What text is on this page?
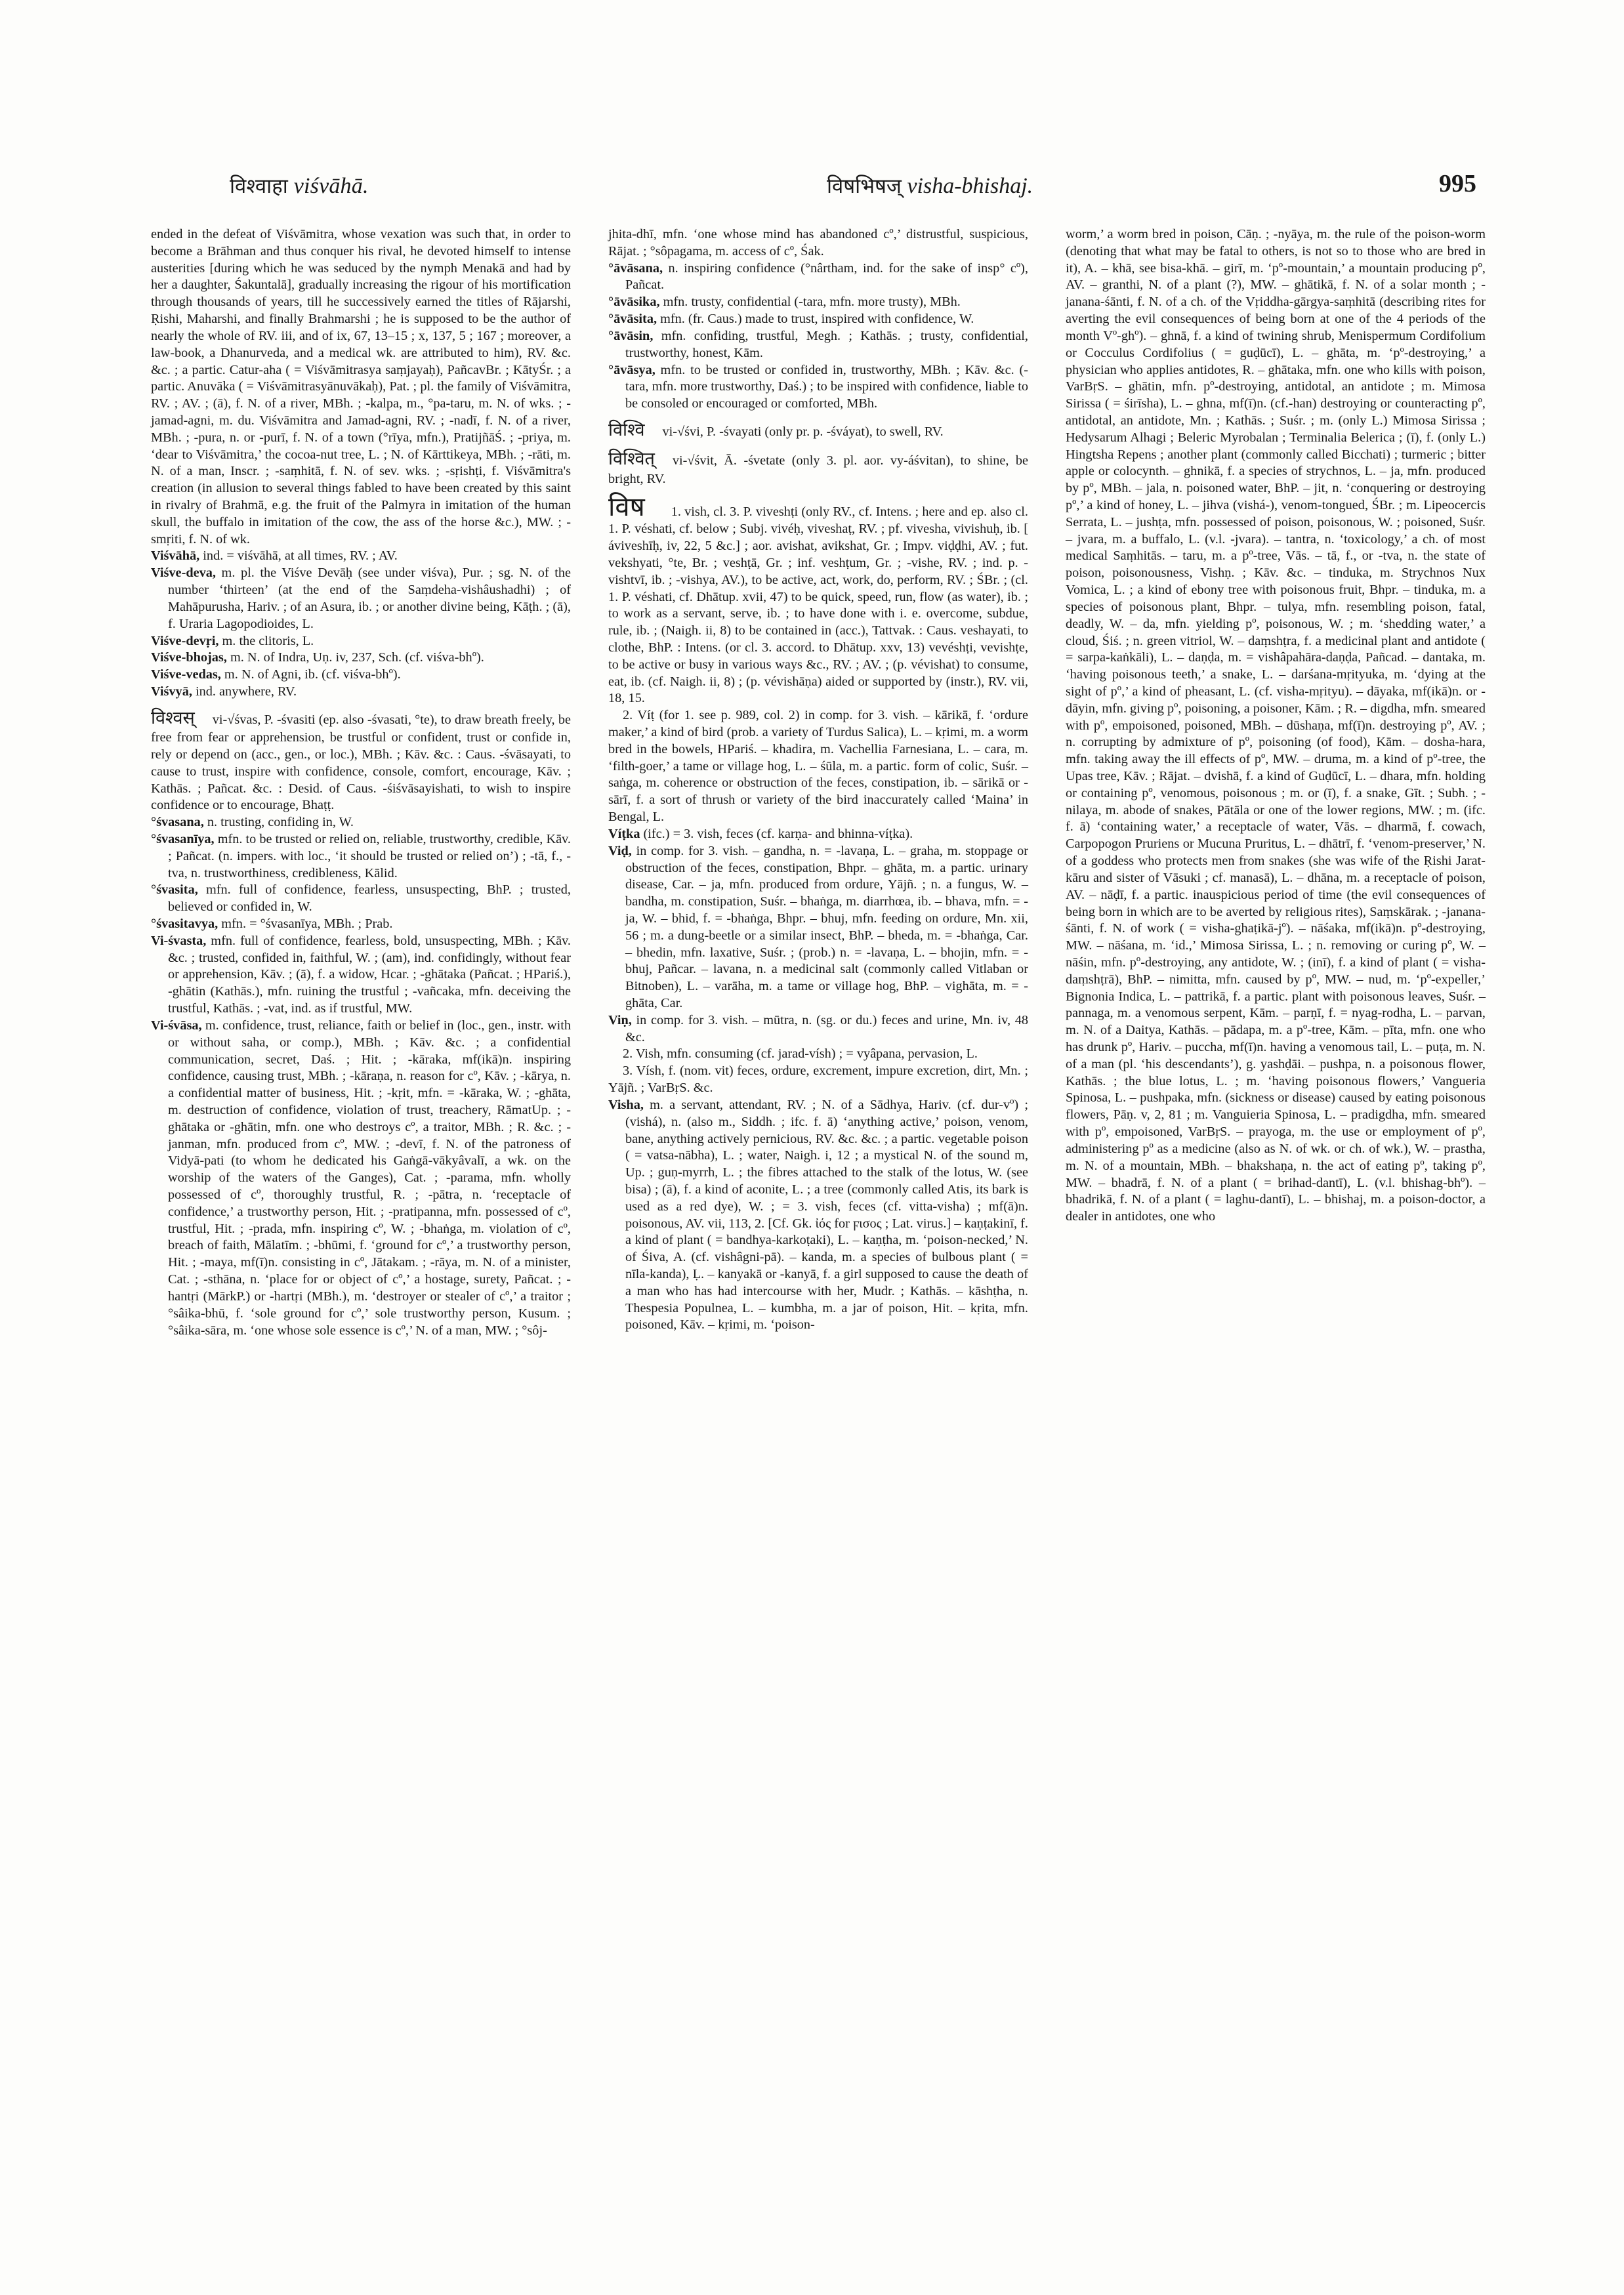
विश्वाहा viśvāhā.	विषभिषज् visha-bhishaj.	995

ended in the defeat of Viśvāmitra, whose vexation was such that, in order to become a Brāhman and thus conquer his rival, he devoted himself to intense austerities [during which he was seduced by the nymph Menakā and had by her a daughter, Śakuntalā], gradually increasing the rigour of his mortification through thousands of years, till he successively earned the titles of Rājarshi, Ṛishi, Maharshi, and finally Brahmarshi ; he is supposed to be the author of nearly the whole of RV. iii, and of ix, 67, 13–15 ; x, 137, 5 ; 167 ; moreover, a law-book, a Dhanurveda, and a medical wk. are attributed to him), RV. &c. &c. ; a partic. Catur-aha ( = Viśvāmitrasya saṃjayaḥ), PañcavBr. ; KātyŚr. ; a partic. Anuvāka ( = Viśvāmitrasyānuvākaḥ), Pat. ; pl. the family of Viśvāmitra, RV. ; AV. ; (ā), f. N. of a river, MBh. ; -kalpa, m., °pa-taru, m. N. of wks. ; -jamad-agni, m. du. Viśvāmitra and Jamad-agni, RV. ; -nadī, f. N. of a river, MBh. ; -pura, n. or -purī, f. N. of a town (°rīya, mfn.), PratijñāŚ. ; -priya, m. ‘dear to Viśvāmitra,’ the cocoa-nut tree, L. ; N. of Kārttikeya, MBh. ; -rāti, m. N. of a man, Inscr. ; -saṃhitā, f. N. of sev. wks. ; -sṛishṭi, f. Viśvāmitra's creation (in allusion to several things fabled to have been created by this saint in rivalry of Brahmā, e.g. the fruit of the Palmyra in imitation of the human skull, the buffalo in imitation of the cow, the ass of the horse &c.), MW. ; -smṛiti, f. N. of wk.

Viśvāhā, ind. = viśvāhā, at all times, RV. ; AV.

Viśve-deva, m. pl. the Viśve Devāḥ (see under viśva), Pur. ; sg. N. of the number ‘thirteen’ (at the end of the Saṃdeha-vishâushadhi) ; of Mahāpurusha, Hariv. ; of an Asura, ib. ; or another divine being, Kāṭh. ; (ā), f. Uraria Lagopodioides, L.

Viśve-devṛi, m. the clitoris, L.

Viśve-bhojas, m. N. of Indra, Uṇ. iv, 237, Sch. (cf. viśva-bhº).

Viśve-vedas, m. N. of Agni, ib. (cf. viśva-bhº).

Viśvyā, ind. anywhere, RV.

विश्वस् vi-√śvas, P. -śvasiti (ep. also -śvasati, °te), to draw breath freely, be free from fear or apprehension, be trustful or confident, trust or confide in, rely or depend on (acc., gen., or loc.), MBh. ; Kāv. &c. : Caus. -śvāsayati, to cause to trust, inspire with confidence, console, comfort, encourage, Kāv. ; Kathās. ; Pañcat. &c. : Desid. of Caus. -śiśvāsayishati, to wish to inspire confidence or to encourage, Bhaṭṭ.

°śvasana, n. trusting, confiding in, W.

°śvasanīya, mfn. to be trusted or relied on, reliable, trustworthy, credible, Kāv. ; Pañcat. (n. impers. with loc., ‘it should be trusted or relied on’) ; -tā, f., -tva, n. trustworthiness, credibleness, Kālid.

°śvasita, mfn. full of confidence, fearless, unsuspecting, BhP. ; trusted, believed or confided in, W.

°śvasitavya, mfn. = °śvasanīya, MBh. ; Prab.

Vi-śvasta, mfn. full of confidence, fearless, bold, unsuspecting, MBh. ; Kāv. &c. ; trusted, confided in, faithful, W. ; (am), ind. confidingly, without fear or apprehension, Kāv. ; (ā), f. a widow, Hcar. ; -ghātaka (Pañcat. ; HPariś.), -ghātin (Kathās.), mfn. ruining the trustful ; -vañcaka, mfn. deceiving the trustful, Kathās. ; -vat, ind. as if trustful, MW.

Vi-śvāsa, m. confidence, trust, reliance, faith or belief in (loc., gen., instr. with or without saha, or comp.), MBh. ; Kāv. &c. ; a confidential communication, secret, Daś. ; Hit. ; -kāraka, mf(ikā)n. inspiring confidence, causing trust, MBh. ; -kāraṇa, n. reason for cº, Kāv. ; -kārya, n. a confidential matter of business, Hit. ; -kṛit, mfn. = -kāraka, W. ; -ghāta, m. destruction of confidence, violation of trust, treachery, RāmatUp. ; -ghātaka or -ghātin, mfn. one who destroys cº, a traitor, MBh. ; R. &c. ; -janman, mfn. produced from cº, MW. ; -devī, f. N. of the patroness of Vidyā-pati (to whom he dedicated his Gaṅgā-vākyâvalī, a wk. on the worship of the waters of the Ganges), Cat. ; -parama, mfn. wholly possessed of cº, thoroughly trustful, R. ; -pātra, n. ‘receptacle of confidence,’ a trustworthy person, Hit. ; -pratipanna, mfn. possessed of cº, trustful, Hit. ; -prada, mfn. inspiring cº, W. ; -bhaṅga, m. violation of cº, breach of faith, Mālatīm. ; -bhūmi, f. ‘ground for cº,’ a trustworthy person, Hit. ; -maya, mf(ī)n. consisting in cº, Jātakam. ; -rāya, m. N. of a minister, Cat. ; -sthāna, n. ‘place for or object of cº,’ a hostage, surety, Pañcat. ; -hantṛi (MārkP.) or -hartṛi (MBh.), m. ‘destroyer or stealer of cº,’ a traitor ; °sâika-bhū, f. ‘sole ground for cº,’ sole trustworthy person, Kusum. ; °sâika-sāra, m. ‘one whose sole essence is cº,’ N. of a man, MW. ; °sôj-

jhita-dhī, mfn. ‘one whose mind has abandoned cº,’ distrustful, suspicious, Rājat. ; °sôpagama, m. access of cº, Śak.

°āvāsana, n. inspiring confidence (°nârtham, ind. for the sake of insp° cº), Pañcat.

°āvāsika, mfn. trusty, confidential (-tara, mfn. more trusty), MBh.

°āvāsita, mfn. (fr. Caus.) made to trust, inspired with confidence, W.

°āvāsin, mfn. confiding, trustful, Megh. ; Kathās. ; trusty, confidential, trustworthy, honest, Kām.

°āvāsya, mfn. to be trusted or confided in, trustworthy, MBh. ; Kāv. &c. (-tara, mfn. more trustworthy, Daś.) ; to be inspired with confidence, liable to be consoled or encouraged or comforted, MBh.

विश्वि vi-√śvi, P. -śvayati (only pr. p. -śváyat), to swell, RV.

विश्वित् vi-√śvit, Ā. -śvetate (only 3. pl. aor. vy-áśvitan), to shine, be bright, RV.

विष 1. vish, cl. 3. P. viveshṭi (only RV., cf. Intens. ; here and ep. also cl. 1. P. véshati, cf. below ; Subj. vivéḥ, viveshaṭ, RV. ; pf. vivesha, vivishuḥ, ib. [ áviveshīḥ, iv, 22, 5 &c.] ; aor. avishat, avikshat, Gr. ; Impv. viḍḍhi, AV. ; fut. vekshyati, °te, Br. ; veshṭā, Gr. ; inf. veshṭum, Gr. ; -vishe, RV. ; ind. p. -vishtvī, ib. ; -vishya, AV.), to be active, act, work, do, perform, RV. ; ŚBr. ; (cl. 1. P. véshati, cf. Dhātup. xvii, 47) to be quick, speed, run, flow (as water), ib. ; to work as a servant, serve, ib. ; to have done with i. e. overcome, subdue, rule, ib. ; (Naigh. ii, 8) to be contained in (acc.), Tattvak. : Caus. veshayati, to clothe, BhP. : Intens. (or cl. 3. accord. to Dhātup. xxv, 13) vevéshṭi, vevishṭe, to be active or busy in various ways &c., RV. ; AV. ; (p. vévishat) to consume, eat, ib. (cf. Naigh. ii, 8) ; (p. vévishāṇa) aided or supported by (instr.), RV. vii, 18, 15.

2. Víṭ (for 1. see p. 989, col. 2) in comp. for 3. vish. – kārikā, f. ‘ordure maker,’ a kind of bird (prob. a variety of Turdus Salica), L. – kṛimi, m. a worm bred in the bowels, HPariś. – khadira, m. Vachellia Farnesiana, L. – cara, m. ‘filth-goer,’ a tame or village hog, L. – śūla, m. a partic. form of colic, Suśr. – saṅga, m. coherence or obstruction of the feces, constipation, ib. – sārikā or -sārī, f. a sort of thrush or variety of the bird inaccurately called ‘Maina’ in Bengal, L.

Víṭka (ifc.) = 3. vish, feces (cf. karṇa- and bhinna-víṭka).

Viḍ, in comp. for 3. vish. – gandha, n. = -lavaṇa, L. – graha, m. stoppage or obstruction of the feces, constipation, Bhpr. – ghāta, m. a partic. urinary disease, Car. – ja, mfn. produced from ordure, Yājñ. ; n. a fungus, W. – bandha, m. constipation, Suśr. – bhaṅga, m. diarrhœa, ib. – bhava, mfn. = -ja, W. – bhid, f. = -bhaṅga, Bhpr. – bhuj, mfn. feeding on ordure, Mn. xii, 56 ; m. a dung-beetle or a similar insect, BhP. – bheda, m. = -bhaṅga, Car. – bhedin, mfn. laxative, Suśr. ; (prob.) n. = -lavaṇa, L. – bhojin, mfn. = -bhuj, Pañcar. – lavana, n. a medicinal salt (commonly called Vitlaban or Bitnoben), L. – varāha, m. a tame or village hog, BhP. – vighāta, m. = -ghāta, Car.

Viṇ, in comp. for 3. vish. – mūtra, n. (sg. or du.) feces and urine, Mn. iv, 48 &c.

2. Vish, mfn. consuming (cf. jarad-vísh) ; = vyâpana, pervasion, L.

3. Vísh, f. (nom. vit) feces, ordure, excrement, impure excretion, dirt, Mn. ; Yājñ. ; VarBṛS. &c.

Vishа, m. a servant, attendant, RV. ; N. of a Sādhya, Hariv. (cf. dur-vº) ; (vishá), n. (also m., Siddh. ; ifc. f. ā) ‘anything active,’ poison, venom, bane, anything actively pernicious, RV. &c. &c. ; a partic. vegetable poison ( = vatsa-nābha), L. ; water, Naigh. i, 12 ; a mystical N. of the sound m, Up. ; guṇ-myrrh, L. ; the fibres attached to the stalk of the lotus, W. (see bisa) ; (ā), f. a kind of aconite, L. ; a tree (commonly called Atis, its bark is used as a red dye), W. ; = 3. vish, feces (cf. vitta-visha) ; mf(ā)n. poisonous, AV. vii, 113, 2. [Cf. Gk. ἰός for ϝισος ; Lat. virus.] – kaṇṭakinī, f. a kind of plant ( = bandhya-karkoṭaki), L. – kaṇṭha, m. ‘poison-necked,’ N. of Śiva, A. (cf. vishâgni-pā). – kanda, m. a species of bulbous plant ( = nīla-kanda), Ḷ. – kanyakā or -kanyā, f. a girl supposed to cause the death of a man who has had intercourse with her, Mudr. ; Kathās. – kāshṭha, n. Thespesia Populnea, L. – kumbha, m. a jar of poison, Hit. – kṛita, mfn. poisoned, Kāv. – kṛimi, m. ‘poison-

worm,’ a worm bred in poison, Cāṇ. ; -nyāya, m. the rule of the poison-worm (denoting that what may be fatal to others, is not so to those who are bred in it), A. – khā, see bisa-khā. – girī, m. ‘pº-mountain,’ a mountain producing pº, AV. – granthi, N. of a plant (?), MW. – ghātikā, f. N. of a solar month ; -janana-śānti, f. N. of a ch. of the Vṛiddha-gārgya-saṃhitā (describing rites for averting the evil consequences of being born at one of the 4 periods of the month Vº-ghº). – ghnā, f. a kind of twining shrub, Menispermum Cordifolium or Cocculus Cordifolius ( = guḍūcī), L. – ghāta, m. ‘pº-destroying,’ a physician who applies antidotes, R. – ghātaka, mfn. one who kills with poison, VarBṛS. – ghātin, mfn. pº-destroying, antidotal, an antidote ; m. Mimosa Sirissa ( = śirīsha), L. – ghna, mf(ī)n. (cf.-han) destroying or counteracting pº, antidotal, an antidote, Mn. ; Kathās. ; Suśr. ; m. (only L.) Mimosa Sirissa ; Hedysarum Alhagi ; Beleric Myrobalan ; Terminalia Belerica ; (ī), f. (only L.) Hingtsha Repens ; another plant (commonly called Bicchati) ; turmeric ; bitter apple or colocynth. – ghnikā, f. a species of strychnos, L. – ja, mfn. produced by pº, MBh. – jala, n. poisoned water, BhP. – jit, n. ‘conquering or destroying pº,’ a kind of honey, L. – jihva (vishá-), venom-tongued, ŚBr. ; m. Lipeocercis Serrata, L. – jushṭa, mfn. possessed of poison, poisonous, W. ; poisoned, Suśr. – jvara, m. a buffalo, L. (v.l. -jvara). – tantra, n. ‘toxicology,’ a ch. of most medical Saṃhitās. – taru, m. a pº-tree, Vās. – tā, f., or -tva, n. the state of poison, poisonousness, Vishṇ. ; Kāv. &c. – tinduka, m. Strychnos Nux Vomica, L. ; a kind of ebony tree with poisonous fruit, Bhpr. – tinduka, m. a species of poisonous plant, Bhpr. – tulya, mfn. resembling poison, fatal, deadly, W. – da, mfn. yielding pº, poisonous, W. ; m. ‘shedding water,’ a cloud, Śiś. ; n. green vitriol, W. – daṃshṭra, f. a medicinal plant and antidote ( = sarpa-kaṅkāli), L. – daṇḍa, m. = vishâpahāra-daṇḍa, Pañcad. – dantaka, m. ‘having poisonous teeth,’ a snake, L. – darśana-mṛityuka, m. ‘dying at the sight of pº,’ a kind of pheasant, L. (cf. visha-mṛityu). – dāyaka, mf(ikā)n. or -dāyin, mfn. giving pº, poisoning, a poisoner, Kām. ; R. – digdha, mfn. smeared with pº, empoisoned, poisoned, MBh. – dūshaṇa, mf(ī)n. destroying pº, AV. ; n. corrupting by admixture of pº, poisoning (of food), Kām. – dosha-hara, mfn. taking away the ill effects of pº, MW. – druma, m. a kind of pº-tree, the Upas tree, Kāv. ; Rājat. – dvishā, f. a kind of Guḍūcī, L. – dhara, mfn. holding or containing pº, venomous, poisonous ; m. or (ī), f. a snake, Gīt. ; Subh. ; -nilaya, m. abode of snakes, Pātāla or one of the lower regions, MW. ; m. (ifc. f. ā) ‘containing water,’ a receptacle of water, Vās. – dharmā, f. cowach, Carpopogon Pruriens or Mucuna Pruritus, L. – dhātrī, f. ‘venom-preserver,’ N. of a goddess who protects men from snakes (she was wife of the Ṛishi Jarat-kāru and sister of Vāsuki ; cf. manasā), L. – dhāna, m. a receptacle of poison, AV. – nāḍī, f. a partic. inauspicious period of time (the evil consequences of being born in which are to be averted by religious rites), Saṃskārak. ; -janana-śānti, f. N. of work ( = visha-ghaṭikā-jº). – nāśaka, mf(ikā)n. pº-destroying, MW. – nāśana, m. ‘id.,’ Mimosa Sirissa, L. ; n. removing or curing pº, W. – nāśin, mfn. pº-destroying, any antidote, W. ; (inī), f. a kind of plant ( = visha-daṃshṭrā), BhP. – nimitta, mfn. caused by pº, MW. – nud, m. ‘pº-expeller,’ Bignonia Indica, L. – pattrikā, f. a partic. plant with poisonous leaves, Suśr. – pannaga, m. a venomous serpent, Kām. – parṇī, f. = nyag-rodha, L. – parvan, m. N. of a Daitya, Kathās. – pādapa, m. a pº-tree, Kām. – pīta, mfn. one who has drunk pº, Hariv. – puccha, mf(ī)n. having a venomous tail, L. – puṭa, m. N. of a man (pl. ‘his descendants’), g. yashḍāi. – pushpa, n. a poisonous flower, Kathās. ; the blue lotus, L. ; m. ‘having poisonous flowers,’ Vangueria Spinosa, L. – pushpaka, mfn. (sickness or disease) caused by eating poisonous flowers, Pāṇ. v, 2, 81 ; m. Vanguieria Spinosa, L. – pradigdha, mfn. smeared with pº, empoisoned, VarBṛS. – prayoga, m. the use or employment of pº, administering pº as a medicine (also as N. of wk. or ch. of wk.), W. – prastha, m. N. of a mountain, MBh. – bhakshaṇa, n. the act of eating pº, taking pº, MW. – bhadrā, f. N. of a plant ( = brihad-dantī), L. (v.l. bhishag-bhº). – bhadrikā, f. N. of a plant ( = laghu-dantī), L. – bhishaj, m. a poison-doctor, a dealer in antidotes, one who
